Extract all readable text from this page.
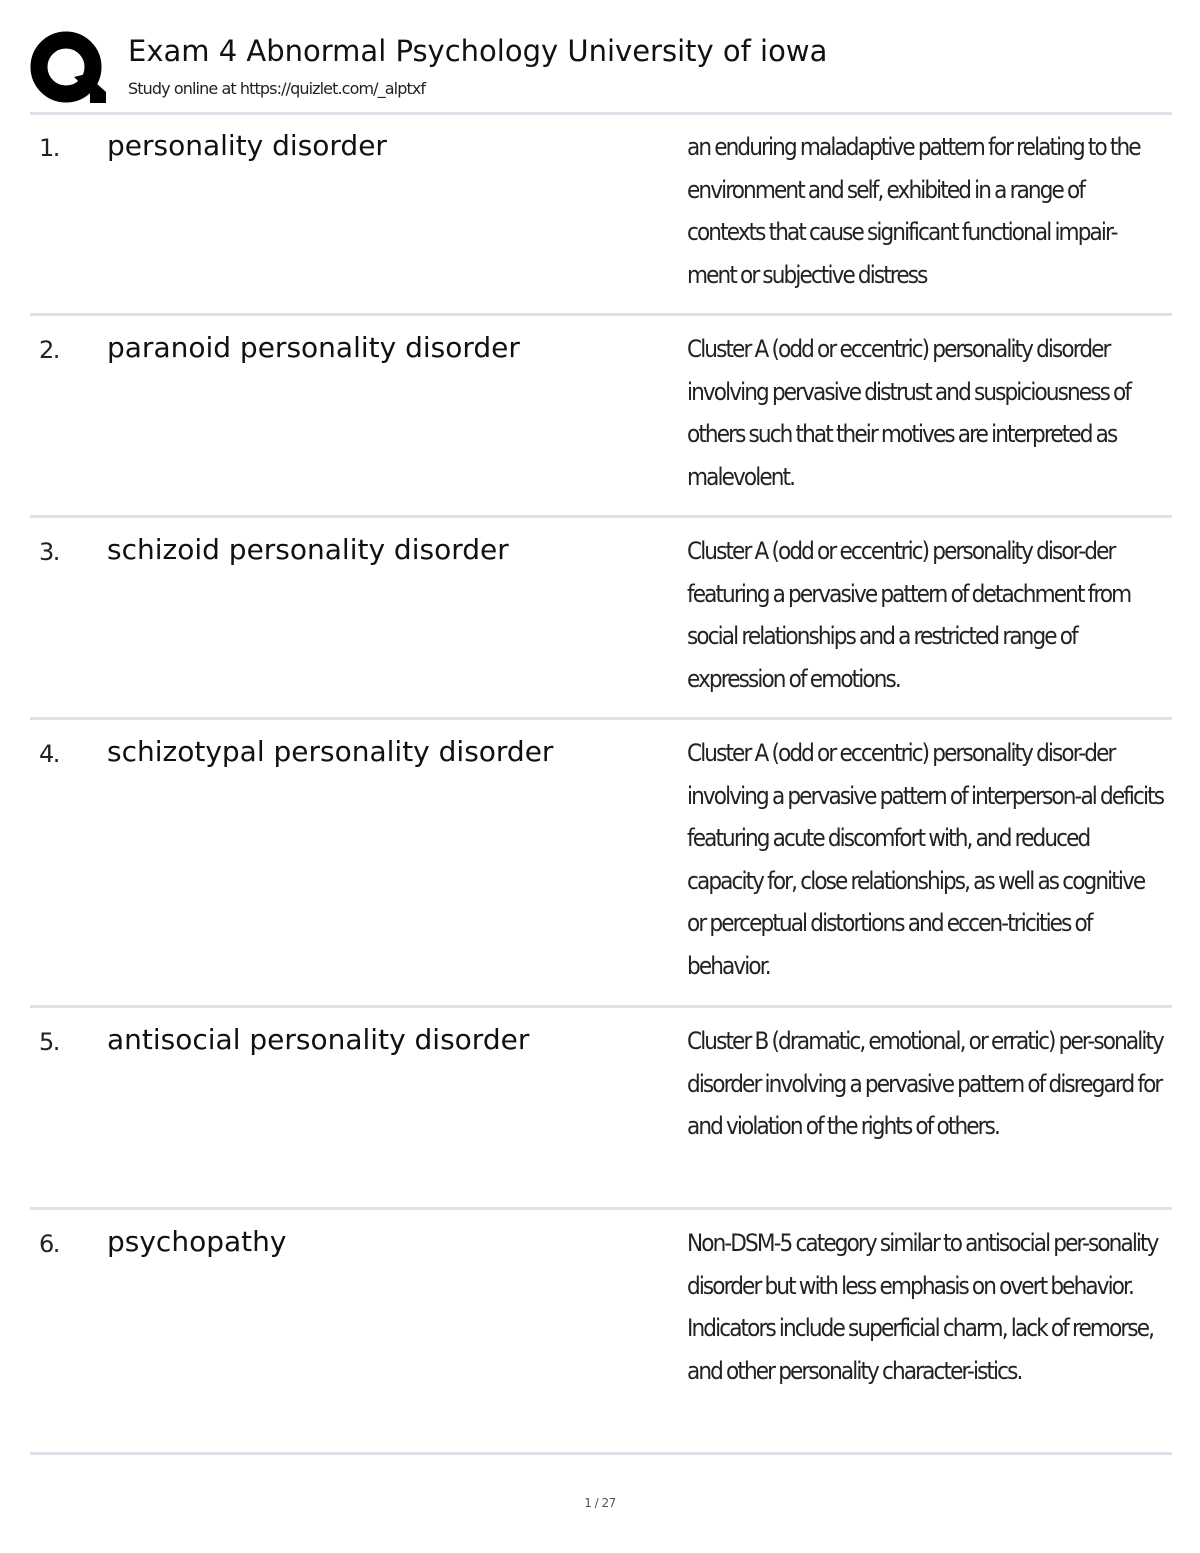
Exam 4 Abnormal Psychology University of iowa
Study online at https://quizlet.com/_alptxf
1. personality disorder	an enduring maladaptive pattern for relating to the environment and self, exhibited in a range of contexts that cause significant functional impair-ment or subjective distress
2. paranoid personality disorder	Cluster A (odd or eccentric) personality disorder involving pervasive distrust and suspiciousness of others such that their motives are interpreted as malevolent.
3. schizoid personality disorder	Cluster A (odd or eccentric) personality disor-der featuring a pervasive pattern of detachment from social relationships and a restricted range of expression of emotions.
4. schizotypal personality disorder	Cluster A (odd or eccentric) personality disor-der involving a pervasive pattern of interperson-al deficits featuring acute discomfort with, and reduced capacity for, close relationships, as well as cognitive or perceptual distortions and eccen-tricities of behavior.
5. antisocial personality disorder	Cluster B (dramatic, emotional, or erratic) per-sonality disorder involving a pervasive pattern of disregard for and violation of the rights of others.
6. psychopathy	Non-DSM-5 category similar to antisocial per-sonality disorder but with less emphasis on overt behavior. Indicators include superficial charm, lack of remorse, and other personality character-istics.
1 / 27
